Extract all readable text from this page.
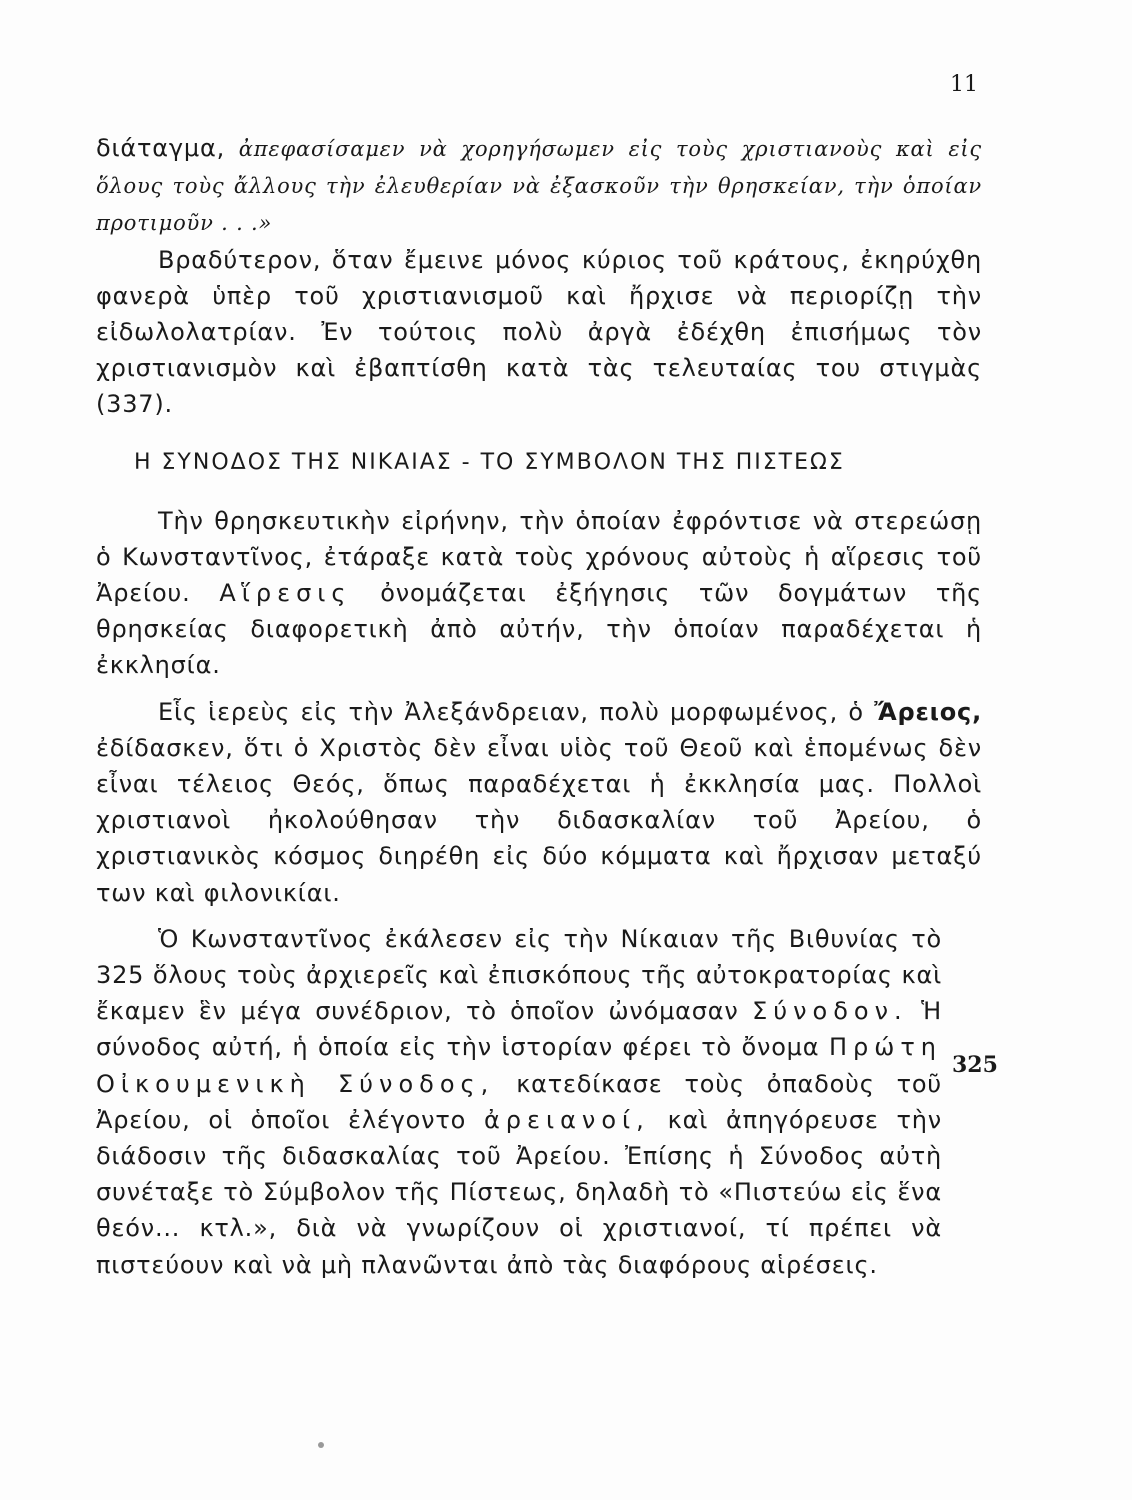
11
325

διάταγμα, ἀπεφασίσαμεν νὰ χορηγήσωμεν εἰς τοὺς χριστιανοὺς καὶ εἰς ὅλους τοὺς ἄλλους τὴν ἐλευθερίαν νὰ ἐξασκοῦν τὴν θρησκείαν, τὴν ὁποίαν προτιμοῦν . . .»

Βραδύτερον, ὅταν ἔμεινε μόνος κύριος τοῦ κράτους, ἐκηρύχθη φανερὰ ὑπὲρ τοῦ χριστιανισμοῦ καὶ ἤρχισε νὰ περιορίζῃ τὴν εἰδωλολατρίαν. Ἐν τούτοις πολὺ ἀργὰ ἐδέχθη ἐπισήμως τὸν χριστιανισμὸν καὶ ἐβαπτίσθη κατὰ τὰς τελευταίας του στιγμὰς (337).

Η ΣΥΝΟΔΟΣ ΤΗΣ ΝΙΚΑΙΑΣ - ΤΟ ΣΥΜΒΟΛΟΝ ΤΗΣ ΠΙΣΤΕΩΣ

Τὴν θρησκευτικὴν εἰρήνην, τὴν ὁποίαν ἐφρόντισε νὰ στερεώσῃ ὁ Κωνσταντῖνος, ἐτάραξε κατὰ τοὺς χρόνους αὐτοὺς ἡ αἵρεσις τοῦ Ἀρείου. Αἵρεσις ὀνομάζεται ἐξήγησις τῶν δογμάτων τῆς θρησκείας διαφορετικὴ ἀπὸ αὐτήν, τὴν ὁποίαν παραδέχεται ἡ ἐκκλησία.

Εἷς ἱερεὺς εἰς τὴν Ἀλεξάνδρειαν, πολὺ μορφωμένος, ὁ Ἄρειος, ἐδίδασκεν, ὅτι ὁ Χριστὸς δὲν εἶναι υἱὸς τοῦ Θεοῦ καὶ ἑπομένως δὲν εἶναι τέλειος Θεός, ὅπως παραδέχεται ἡ ἐκκλησία μας. Πολλοὶ χριστιανοὶ ἠκολούθησαν τὴν διδασκαλίαν τοῦ Ἀρείου, ὁ χριστιανικὸς κόσμος διηρέθη εἰς δύο κόμματα καὶ ἤρχισαν μεταξύ των καὶ φιλονικίαι.

Ὁ Κωνσταντῖνος ἐκάλεσεν εἰς τὴν Νίκαιαν τῆς Βιθυνίας τὸ 325 ὅλους τοὺς ἀρχιερεῖς καὶ ἐπισκόπους τῆς αὐτοκρατορίας καὶ ἔκαμεν ἓν μέγα συνέδριον, τὸ ὁποῖον ὠνόμασαν Σύνοδον. Ἡ σύνοδος αὐτή, ἡ ὁποία εἰς τὴν ἱστορίαν φέρει τὸ ὄνομα Πρώτη Οἰκουμενικὴ Σύνοδος, κατεδίκασε τοὺς ὀπαδοὺς τοῦ Ἀρείου, οἱ ὁποῖοι ἐλέγοντο ἀρειανοί, καὶ ἀπηγόρευσε τὴν διάδοσιν τῆς διδασκαλίας τοῦ Ἀρείου. Ἐπίσης ἡ Σύνοδος αὐτὴ συνέταξε τὸ Σύμβολον τῆς Πίστεως, δηλαδὴ τὸ «Πιστεύω εἰς ἕνα θεόν... κτλ.», διὰ νὰ γνωρίζουν οἱ χριστιανοί, τί πρέπει νὰ πιστεύουν καὶ νὰ μὴ πλανῶνται ἀπὸ τὰς διαφόρους αἱρέσεις.
